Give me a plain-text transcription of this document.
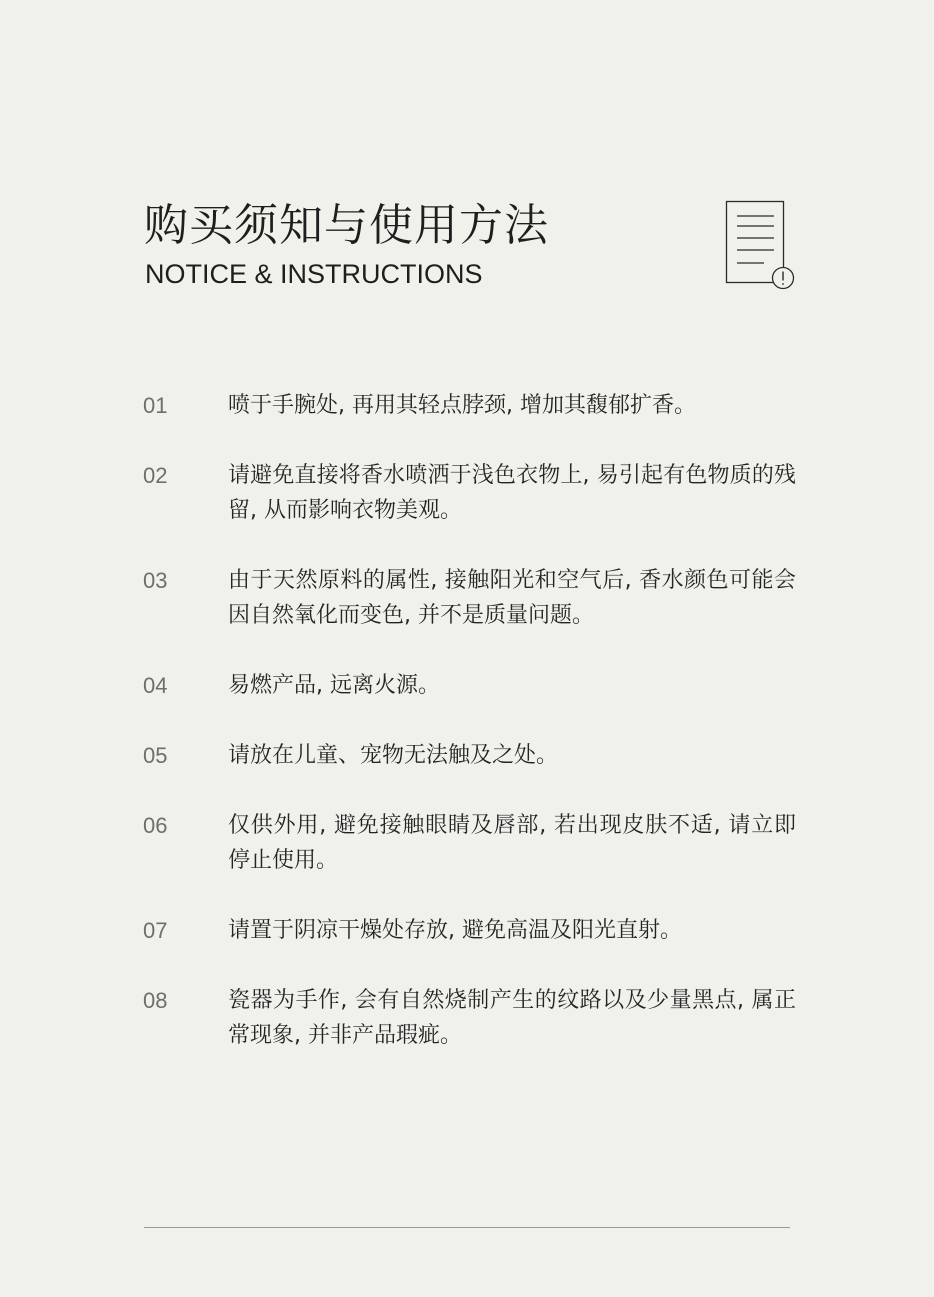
购买须知与使用方法
NOTICE & INSTRUCTIONS
01	喷于手腕处, 再用其轻点脖颈, 增加其馥郁扩香。
02	请避免直接将香水喷洒于浅色衣物上, 易引起有色物质的残留, 从而影响衣物美观。
03	由于天然原料的属性, 接触阳光和空气后, 香水颜色可能会因自然氧化而变色, 并不是质量问题。
04	易燃产品, 远离火源。
05	请放在儿童、宠物无法触及之处。
06	仅供外用, 避免接触眼睛及唇部, 若出现皮肤不适, 请立即停止使用。
07	请置于阴凉干燥处存放, 避免高温及阳光直射。
08	瓷器为手作, 会有自然烧制产生的纹路以及少量黑点, 属正常现象, 并非产品瑕疵。
